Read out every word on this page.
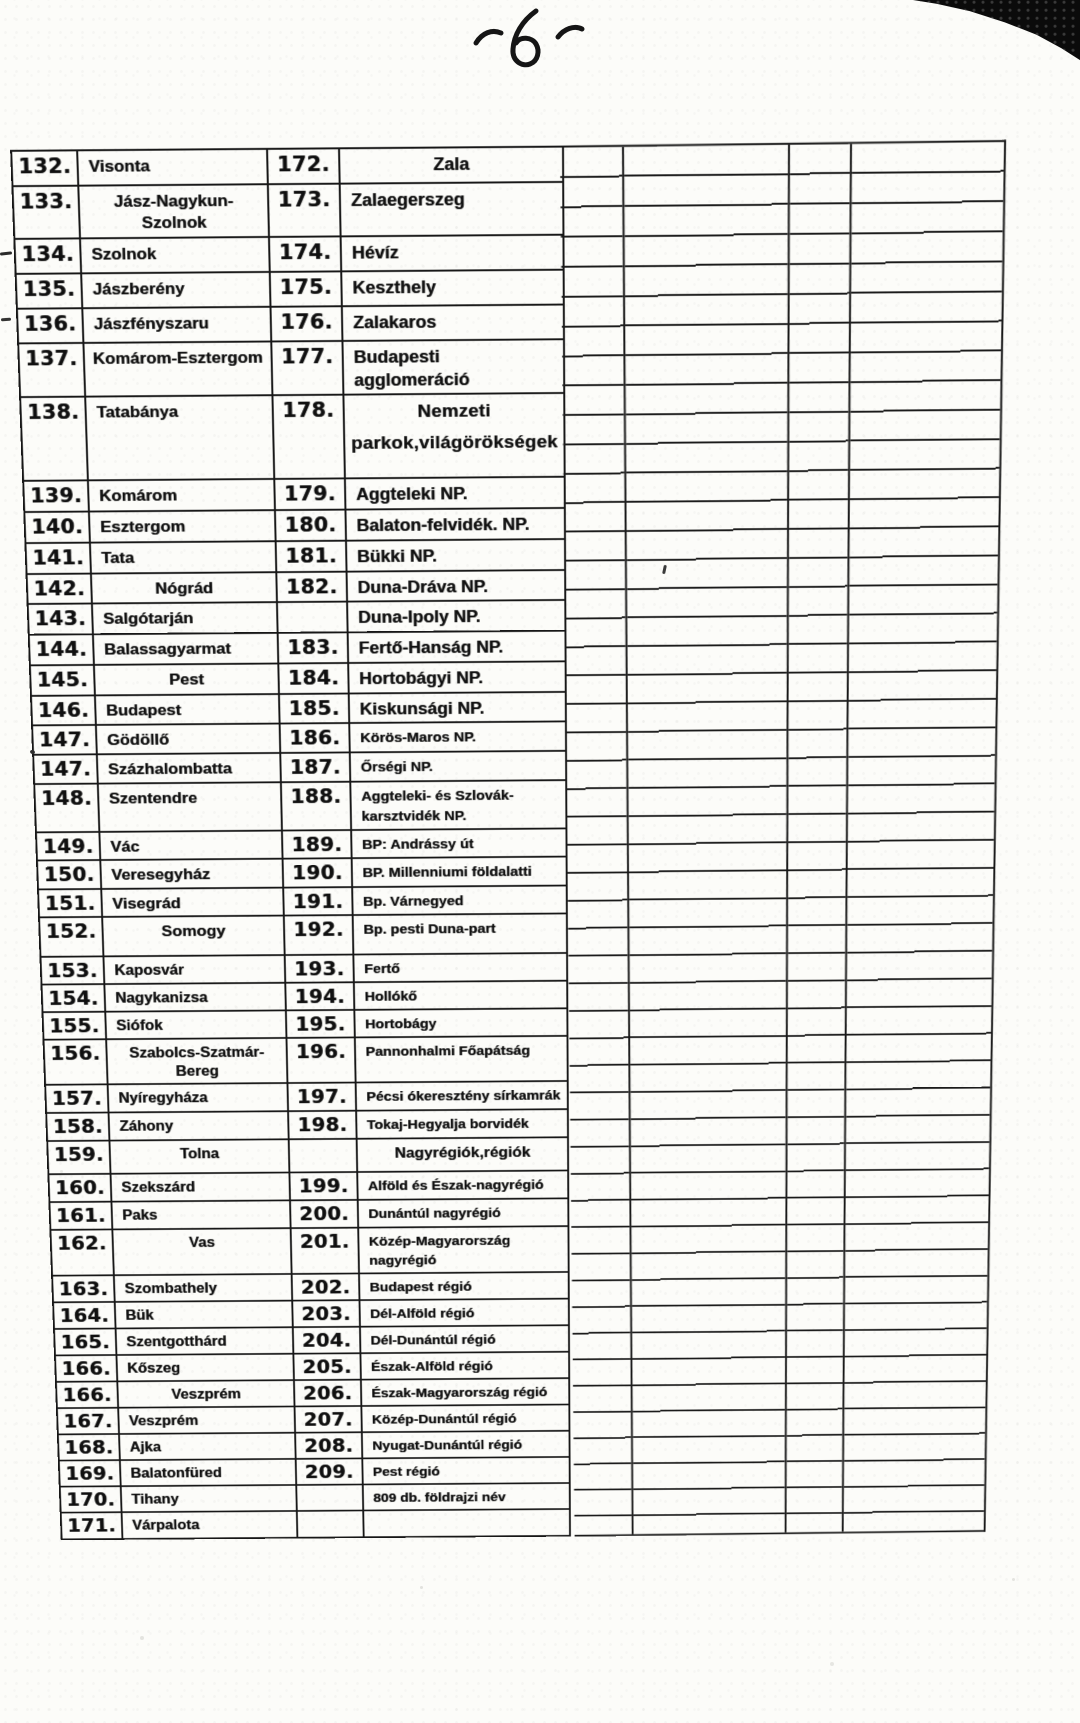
132.	Visonta	172.	Zala
133.	Jász-Nagykun-Szolnok	173.	Zalaegerszeg
134.	Szolnok	174.	Hévíz
135.	Jászberény	175.	Keszthely
136.	Jászfényszaru	176.	Zalakaros
137.	Komárom-Esztergom	177.	Budapesti agglomeráció
138.	Tatabánya	178.	Nemzeti
parkok,világörökségek
139.	Komárom	179.	Aggteleki NP.
140.	Esztergom	180.	Balaton-felvidék. NP.
141.	Tata	181.	Bükki NP.
142.	Nógrád	182.	Duna-Dráva NP.
143.	Salgótarján		Duna-Ipoly NP.
144.	Balassagyarmat	183.	Fertő-Hanság NP.
145.	Pest	184.	Hortobágyi NP.
146.	Budapest	185.	Kiskunsági NP.
147.	Gödöllő	186.	Körös-Maros NP.
147.	Százhalombatta	187.	Őrségi NP.
148.	Szentendre	188.	Aggteleki- és Szlovák-
karsztvidék NP.
149.	Vác	189.	BP: Andrássy út
150.	Veresegyház	190.	BP. Millenniumi földalatti
151.	Visegrád	191.	Bp. Várnegyed
152.	Somogy	192.	Bp. pesti Duna-part
153.	Kaposvár	193.	Fertő
154.	Nagykanizsa	194.	Hollókő
155.	Siófok	195.	Hortobágy
156.	Szabolcs-Szatmár-
Bereg	196.	Pannonhalmi Főapátság
157.	Nyíregyháza	197.	Pécsi ókeresztény sírkamrák
158.	Záhony	198.	Tokaj-Hegyalja borvidék
159.	Tolna		Nagyrégiók,régiók
160.	Szekszárd	199.	Alföld és Észak-nagyrégió
161.	Paks	200.	Dunántúl nagyrégió
162.	Vas	201.	Közép-Magyarország
nagyrégió
163.	Szombathely	202.	Budapest régió
164.	Bük	203.	Dél-Alföld régió
165.	Szentgotthárd	204.	Dél-Dunántúl régió
166.	Kőszeg	205.	Észak-Alföld régió
166.	Veszprém	206.	Észak-Magyarország régió
167.	Veszprém	207.	Közép-Dunántúl régió
168.	Ajka	208.	Nyugat-Dunántúl régió
169.	Balatonfüred	209.	Pest régió
170.	Tihany		809 db. földrajzi név
171.	Várpalota		
